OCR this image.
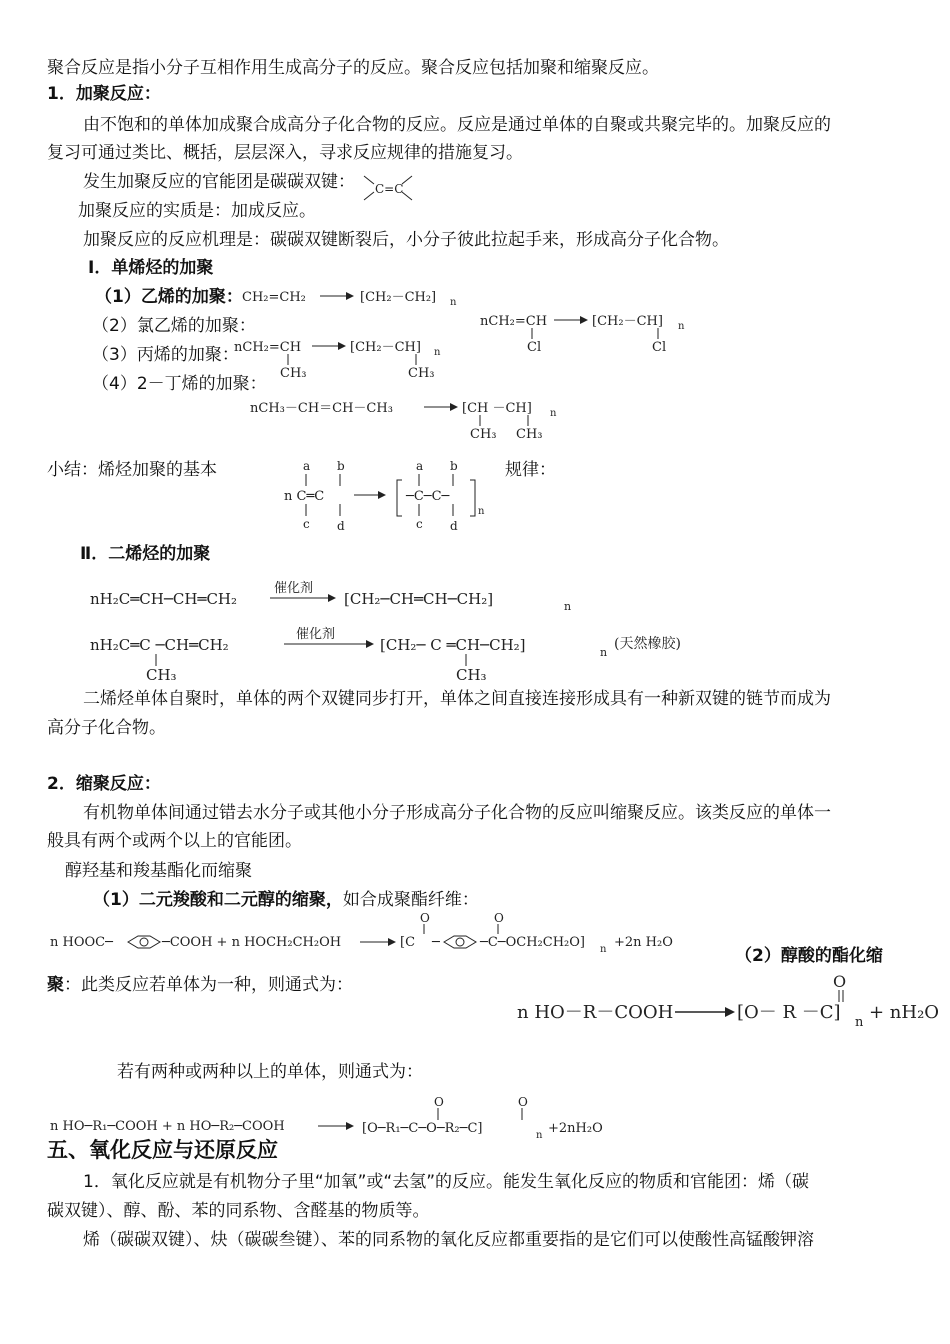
聚合反应是指小分子互相作用生成高分子的反应。聚合反应包括加聚和缩聚反应。
1．加聚反应：
由不饱和的单体加成聚合成高分子化合物的反应。反应是通过单体的自聚或共聚完毕的。加聚反应的
复习可通过类比、概括，层层深入，寻求反应规律的措施复习。
发生加聚反应的官能团是碳碳双键： C=C
加聚反应的实质是：加成反应。
加聚反应的反应机理是：碳碳双键断裂后，小分子彼此拉起手来，形成高分子化合物。
Ⅰ．单烯烃的加聚
（1）乙烯的加聚： CH₂=CH₂	[CH₂－CH₂] n
（2）氯乙烯的加聚：	nCH₂=CH
Cl
[CH₂－CH] n
Cl
（3）丙烯的加聚：
nCH₂=CH
CH₃
[CH₂－CH] n
CH₃
（4）2－丁烯的加聚：
nCH₃－CH＝CH－CH₃	[CH －CH] n
CH₃ CH₃
小结：烯烃加聚的基本	a b
n C═C
c d
a b
─C─C─
c d
n
规律：
Ⅱ．二烯烃的加聚
nH₂C═CH─CH═CH₂
催化剂
[CH₂─CH═CH─CH₂]	n
nH₂C═C ─CH═CH₂
CH₃
催化剂
[CH₂─ C ═CH─CH₂]	n
CH₃
(天然橡胶)
二烯烃单体自聚时，单体的两个双键同步打开，单体之间直接连接形成具有一种新双键的链节而成为
高分子化合物。
2．缩聚反应：
有机物单体间通过错去水分子或其他小分子形成高分子化合物的反应叫缩聚反应。该类反应的单体一
般具有两个或两个以上的官能团。
醇羟基和羧基酯化而缩聚
（1）二元羧酸和二元醇的缩聚，如合成聚酯纤维：
n HOOC─	─COOH + n HOCH₂CH₂OH	[C
O
─	─C─OCH₂CH₂O]
O
n +2n H₂O
（2）醇酸的酯化缩
聚：此类反应若单体为一种，则通式为：
n HO－R－COOH	[O－ R －C]
O
n + nH₂O
若有两种或两种以上的单体，则通式为：
n HO─R₁─COOH + n HO─R₂─COOH	[O─R₁─C─O─R₂─C]
O	O
n +2nH₂O
五、氧化反应与还原反应
1．氧化反应就是有机物分子里“加氧”或“去氢”的反应。能发生氧化反应的物质和官能团：烯（碳
碳双键）、醇、酚、苯的同系物、含醛基的物质等。
烯（碳碳双键）、炔（碳碳叁键）、苯的同系物的氧化反应都重要指的是它们可以使酸性高锰酸钾溶
